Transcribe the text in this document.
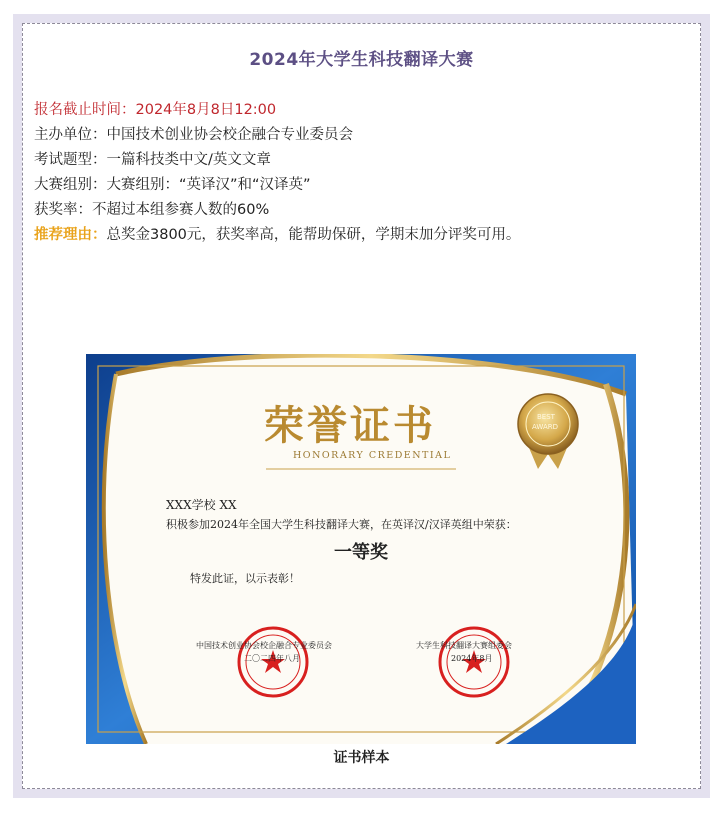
2024年大学生科技翻译大赛
报名截止时间：2024年8月8日12:00
主办单位：中国技术创业协会校企融合专业委员会
考试题型：一篇科技类中文/英文文章
大赛组别：大赛组别：“英译汉”和“汉译英”
获奖率：不超过本组参赛人数的60%
推荐理由：总奖金3800元，获奖率高，能帮助保研，学期末加分评奖可用。
荣誉证书
HONORARY CREDENTIAL
BEST
AWARD
XXX学校 XX
积极参加2024年全国大学生科技翻译大赛，在英译汉/汉译英组中荣获：
一等奖
特发此证，以示表彰！
中国技术创业协会校企融合专业委员会
二〇二四年八月
大学生科技翻译大赛组委会
2024年8月
证书样本
